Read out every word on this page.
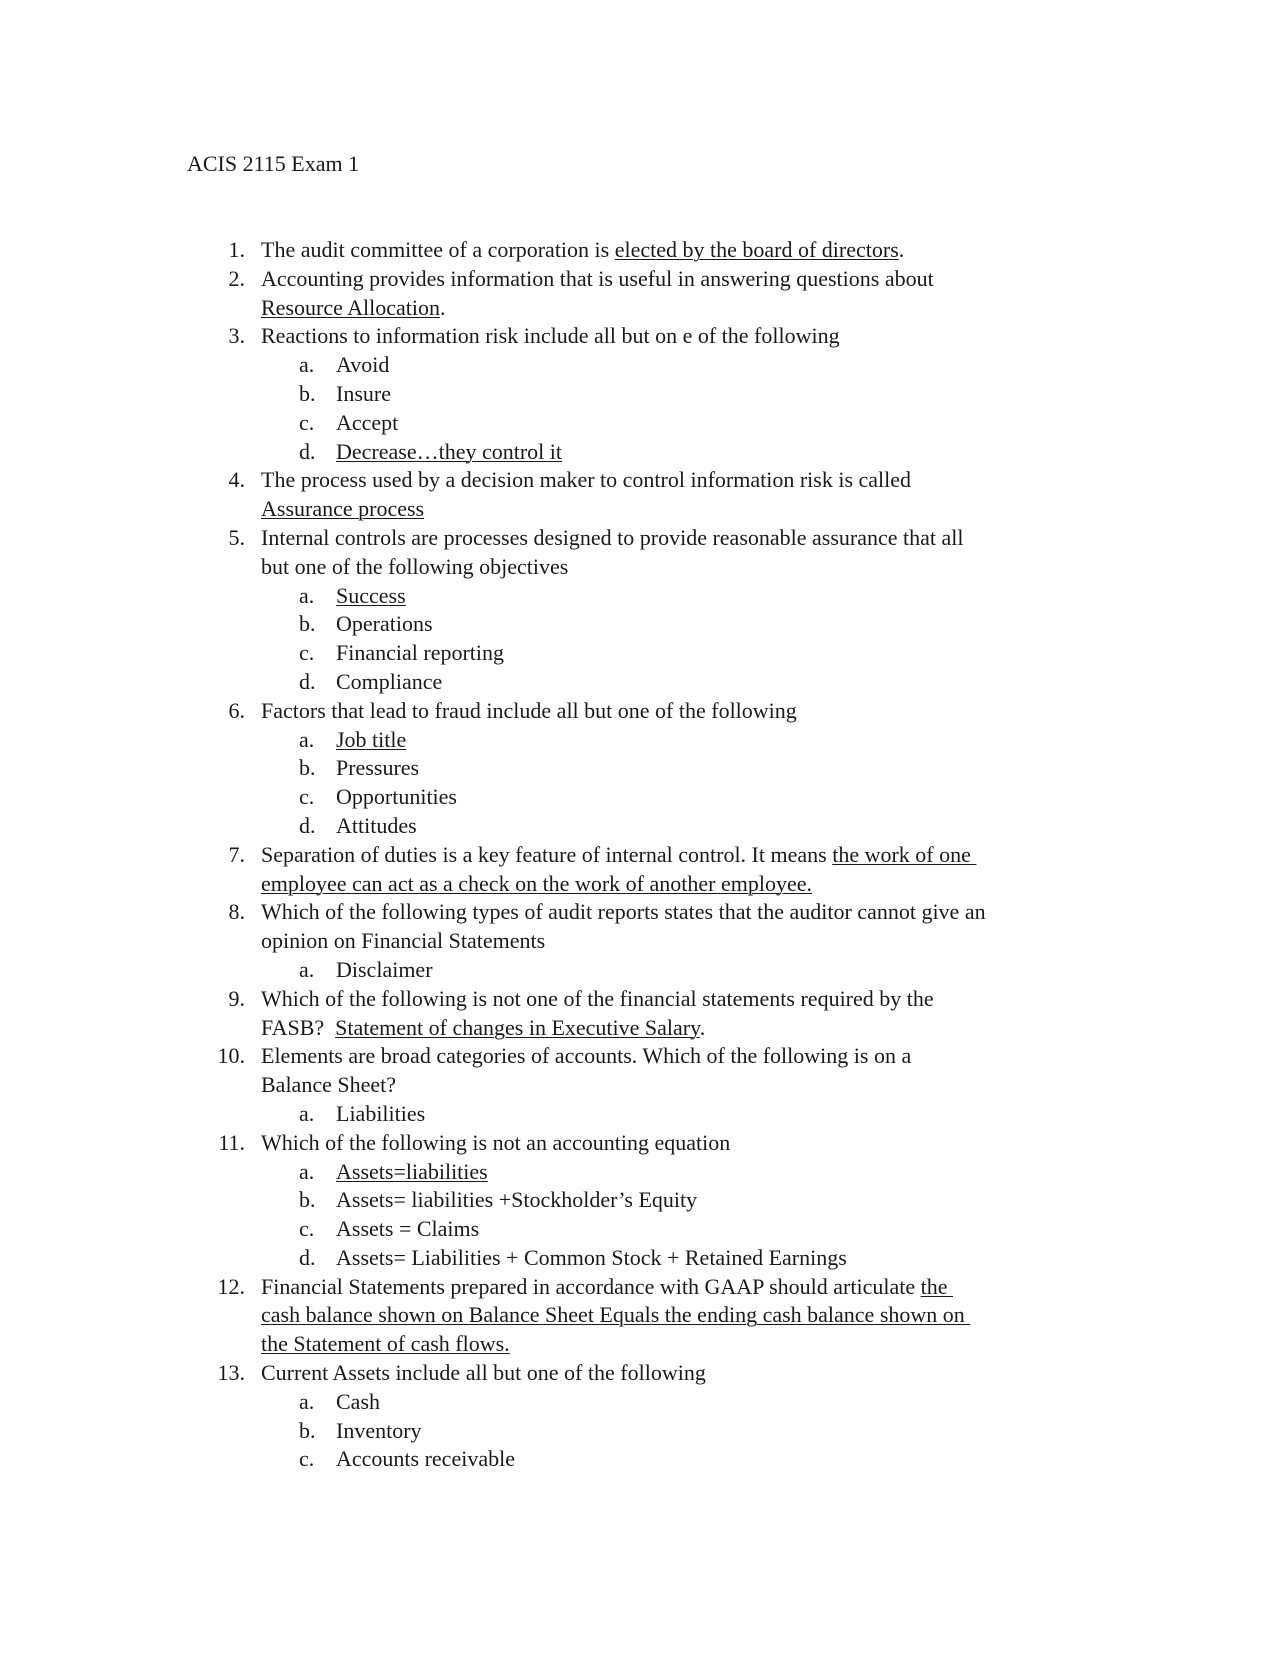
ACIS 2115 Exam 1
1. The audit committee of a corporation is elected by the board of directors.
2. Accounting provides information that is useful in answering questions about
Resource Allocation.
3. Reactions to information risk include all but on e of the following
a. Avoid
b. Insure
c. Accept
d. Decrease…they control it
4. The process used by a decision maker to control information risk is called
Assurance process
5. Internal controls are processes designed to provide reasonable assurance that all
but one of the following objectives
a. Success
b. Operations
c. Financial reporting
d. Compliance
6. Factors that lead to fraud include all but one of the following
a. Job title
b. Pressures
c. Opportunities
d. Attitudes
7. Separation of duties is a key feature of internal control. It means the work of one
employee can act as a check on the work of another employee.
8. Which of the following types of audit reports states that the auditor cannot give an
opinion on Financial Statements
a. Disclaimer
9. Which of the following is not one of the financial statements required by the
FASB?  Statement of changes in Executive Salary.
10. Elements are broad categories of accounts. Which of the following is on a
Balance Sheet?
a. Liabilities
11. Which of the following is not an accounting equation
a. Assets=liabilities
b. Assets= liabilities +Stockholder’s Equity
c. Assets = Claims
d. Assets= Liabilities + Common Stock + Retained Earnings
12. Financial Statements prepared in accordance with GAAP should articulate the
cash balance shown on Balance Sheet Equals the ending cash balance shown on
the Statement of cash flows.
13. Current Assets include all but one of the following
a. Cash
b. Inventory
c. Accounts receivable
